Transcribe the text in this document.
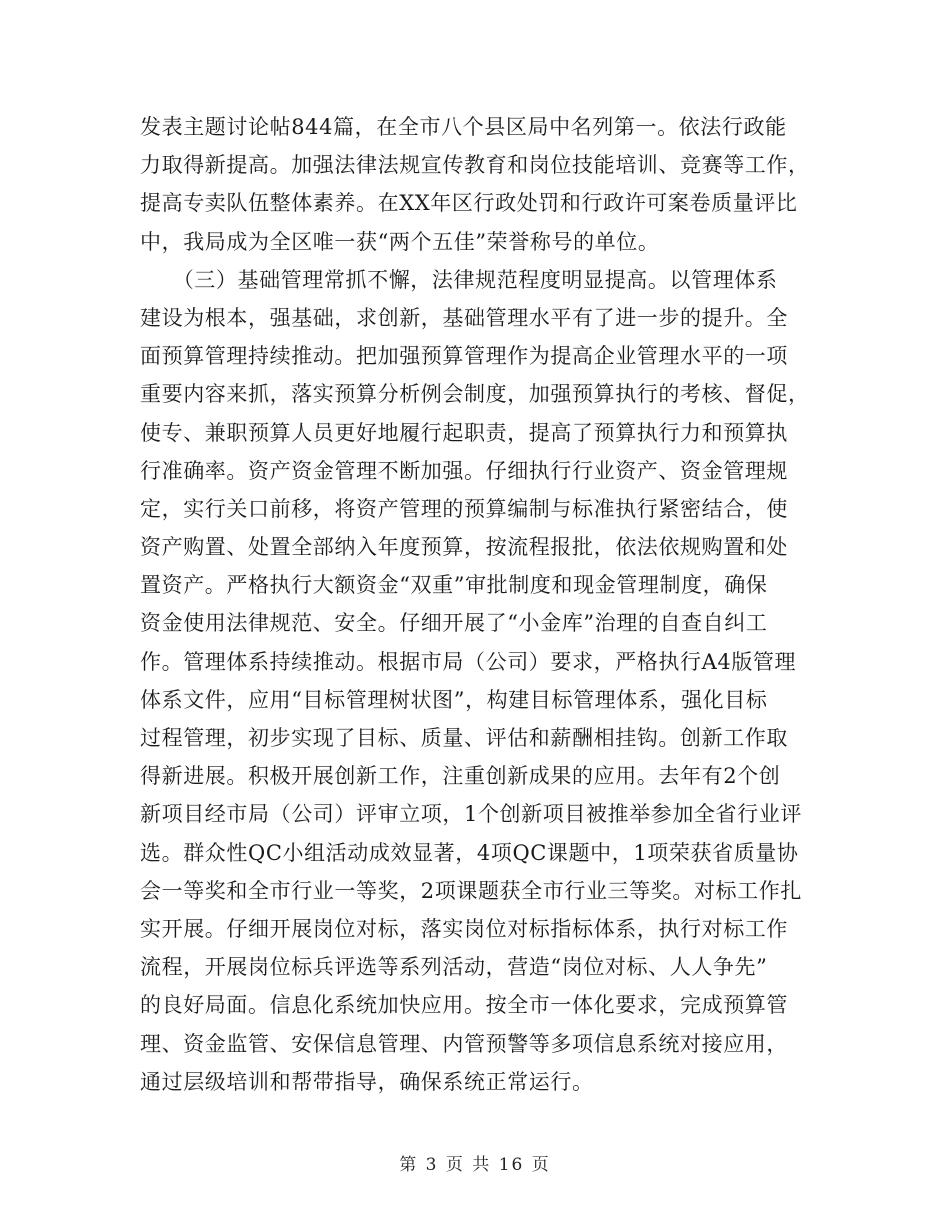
发表主题讨论帖844篇，在全市八个县区局中名列第一。依法行政能
力取得新提高。加强法律法规宣传教育和岗位技能培训、竞赛等工作，
提高专卖队伍整体素养。在XX年区行政处罚和行政许可案卷质量评比
中，我局成为全区唯一获“两个五佳”荣誉称号的单位。
　　（三）基础管理常抓不懈，法律规范程度明显提高。以管理体系
建设为根本，强基础，求创新，基础管理水平有了进一步的提升。全
面预算管理持续推动。把加强预算管理作为提高企业管理水平的一项
重要内容来抓，落实预算分析例会制度，加强预算执行的考核、督促，
使专、兼职预算人员更好地履行起职责，提高了预算执行力和预算执
行准确率。资产资金管理不断加强。仔细执行行业资产、资金管理规
定，实行关口前移，将资产管理的预算编制与标准执行紧密结合，使
资产购置、处置全部纳入年度预算，按流程报批，依法依规购置和处
置资产。严格执行大额资金“双重”审批制度和现金管理制度，确保
资金使用法律规范、安全。仔细开展了“小金库”治理的自查自纠工
作。管理体系持续推动。根据市局（公司）要求，严格执行A4版管理
体系文件，应用“目标管理树状图”，构建目标管理体系，强化目标
过程管理，初步实现了目标、质量、评估和薪酬相挂钩。创新工作取
得新进展。积极开展创新工作，注重创新成果的应用。去年有2个创
新项目经市局（公司）评审立项，1个创新项目被推举参加全省行业评
选。群众性QC小组活动成效显著，4项QC课题中，1项荣获省质量协
会一等奖和全市行业一等奖，2项课题获全市行业三等奖。对标工作扎
实开展。仔细开展岗位对标，落实岗位对标指标体系，执行对标工作
流程，开展岗位标兵评选等系列活动，营造“岗位对标、人人争先”
的良好局面。信息化系统加快应用。按全市一体化要求，完成预算管
理、资金监管、安保信息管理、内管预警等多项信息系统对接应用，
通过层级培训和帮带指导，确保系统正常运行。
第 3 页 共 16 页
